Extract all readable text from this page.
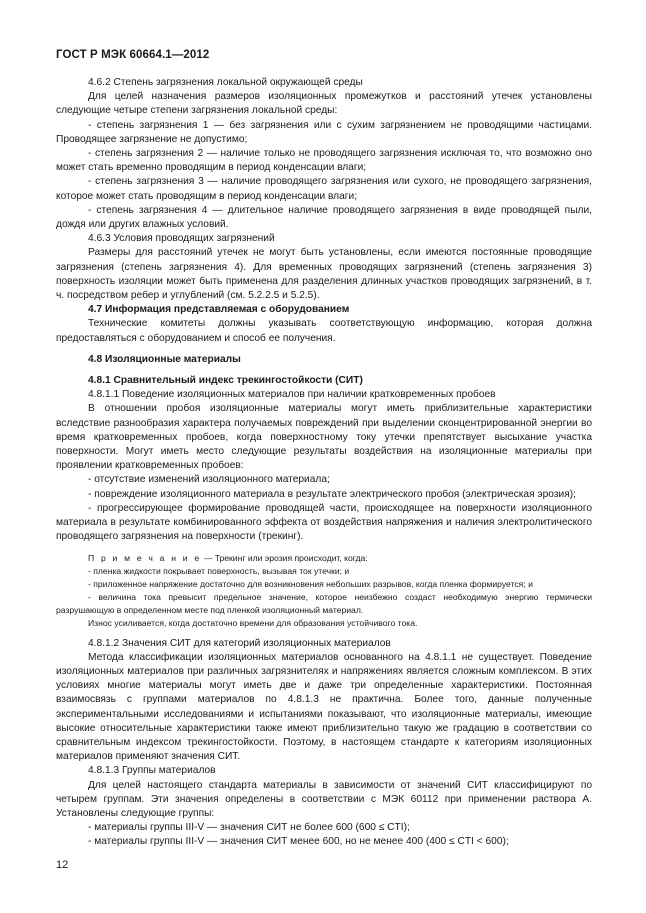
ГОСТ Р МЭК 60664.1—2012

4.6.2 Степень загрязнения локальной окружающей среды

Для целей назначения размеров изоляционных промежутков и расстояний утечек установлены следующие четыре степени загрязнения локальной среды:

- степень загрязнения 1 — без загрязнения или с сухим загрязнением не проводящими частицами. Проводящее загрязнение не допустимо;

- степень загрязнения 2 — наличие только не проводящего загрязнения исключая то, что возможно оно может стать временно проводящим в период конденсации влаги;

- степень загрязнения 3 — наличие проводящего загрязнения или сухого, не проводящего загрязнения, которое может стать проводящим в период конденсации влаги;

- степень загрязнения 4 — длительное наличие проводящего загрязнения в виде проводящей пыли, дождя или других влажных условий.

4.6.3 Условия проводящих загрязнений

Размеры для расстояний утечек не могут быть установлены, если имеются постоянные проводящие загрязнения (степень загрязнения 4). Для временных проводящих загрязнений (степень загрязнения 3) поверхность изоляции может быть применена для разделения длинных участков проводящих загрязнений, в т. ч. посредством ребер и углублений (см. 5.2.2.5 и 5.2.5).

4.7 Информация представляемая с оборудованием

Технические комитеты должны указывать соответствующую информацию, которая должна предоставляться с оборудованием и способ ее получения.

4.8 Изоляционные материалы

4.8.1 Сравнительный индекс трекингостойкости (СИТ)

4.8.1.1 Поведение изоляционных материалов при наличии кратковременных пробоев

В отношении пробоя изоляционные материалы могут иметь приблизительные характеристики вследствие разнообразия характера получаемых повреждений при выделении сконцентрированной энергии во время кратковременных пробоев, когда поверхностному току утечки препятствует высыхание участка поверхности. Могут иметь место следующие результаты воздействия на изоляционные материалы при проявлении кратковременных пробоев:

- отсутствие изменений изоляционного материала;

- повреждение изоляционного материала в результате электрического пробоя (электрическая эрозия);

- прогрессирующее формирование проводящей части, происходящее на поверхности изоляционного материала в результате комбинированного эффекта от воздействия напряжения и наличия электролитического проводящего загрязнения на поверхности (трекинг).

П р и м е ч а н и е — Трекинг или эрозия происходит, когда:

- пленка жидкости покрывает поверхность, вызывая ток утечки; и

- приложенное напряжение достаточно для возникновения небольших разрывов, когда пленка формируется; и

- величина тока превысит предельное значение, которое неизбежно создаст необходимую энергию термически разрушающую в определенном месте под пленкой изоляционный материал.

Износ усиливается, когда достаточно времени для образования устойчивого тока.

4.8.1.2 Значения СИТ для категорий изоляционных материалов

Метода классификации изоляционных материалов основанного на 4.8.1.1 не существует. Поведение изоляционных материалов при различных загрязнителях и напряжениях является сложным комплексом. В этих условиях многие материалы могут иметь две и даже три определенные характеристики. Постоянная взаимосвязь с группами материалов по 4.8.1.3 не практична. Более того, данные полученные экспериментальными исследованиями и испытаниями показывают, что изоляционные материалы, имеющие высокие относительные характеристики также имеют приблизительно такую же градацию в соответствии со сравнительным индексом трекингостойкости. Поэтому, в настоящем стандарте к категориям изоляционных материалов применяют значения СИТ.

4.8.1.3 Группы материалов

Для целей настоящего стандарта материалы в зависимости от значений СИТ классифицируют по четырем группам. Эти значения определены в соответствии с МЭК 60112 при применении раствора А. Установлены следующие группы:

- материалы группы III-V — значения СИТ не более 600 (600 ≤ CTI);

- материалы группы III-V — значения СИТ менее 600, но не менее 400 (400 ≤ CTI < 600);

12
